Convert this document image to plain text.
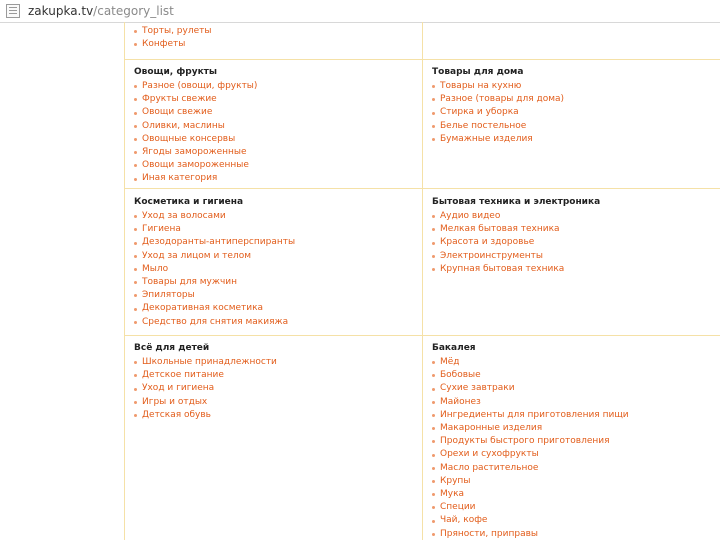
zakupka.tv/category_list
Торты, рулеты
Конфеты
Овощи, фрукты
Разное (овощи, фрукты)
Фрукты свежие
Овощи свежие
Оливки, маслины
Овощные консервы
Ягоды замороженные
Овощи замороженные
Иная категория
Товары для дома
Товары на кухню
Разное (товары для дома)
Стирка и уборка
Белье постельное
Бумажные изделия
Косметика и гигиена
Уход за волосами
Гигиена
Дезодоранты-антиперспиранты
Уход за лицом и телом
Мыло
Товары для мужчин
Эпиляторы
Декоративная косметика
Средство для снятия макияжа
Бытовая техника и электроника
Аудио видео
Мелкая бытовая техника
Красота и здоровье
Электроинструменты
Крупная бытовая техника
Всё для детей
Школьные принадлежности
Детское питание
Уход и гигиена
Игры и отдых
Детская обувь
Бакалея
Мёд
Бобовые
Сухие завтраки
Майонез
Ингредиенты для приготовления пищи
Макаронные изделия
Продукты быстрого приготовления
Орехи и сухофрукты
Масло растительное
Крупы
Мука
Специи
Чай, кофе
Пряности, приправы
